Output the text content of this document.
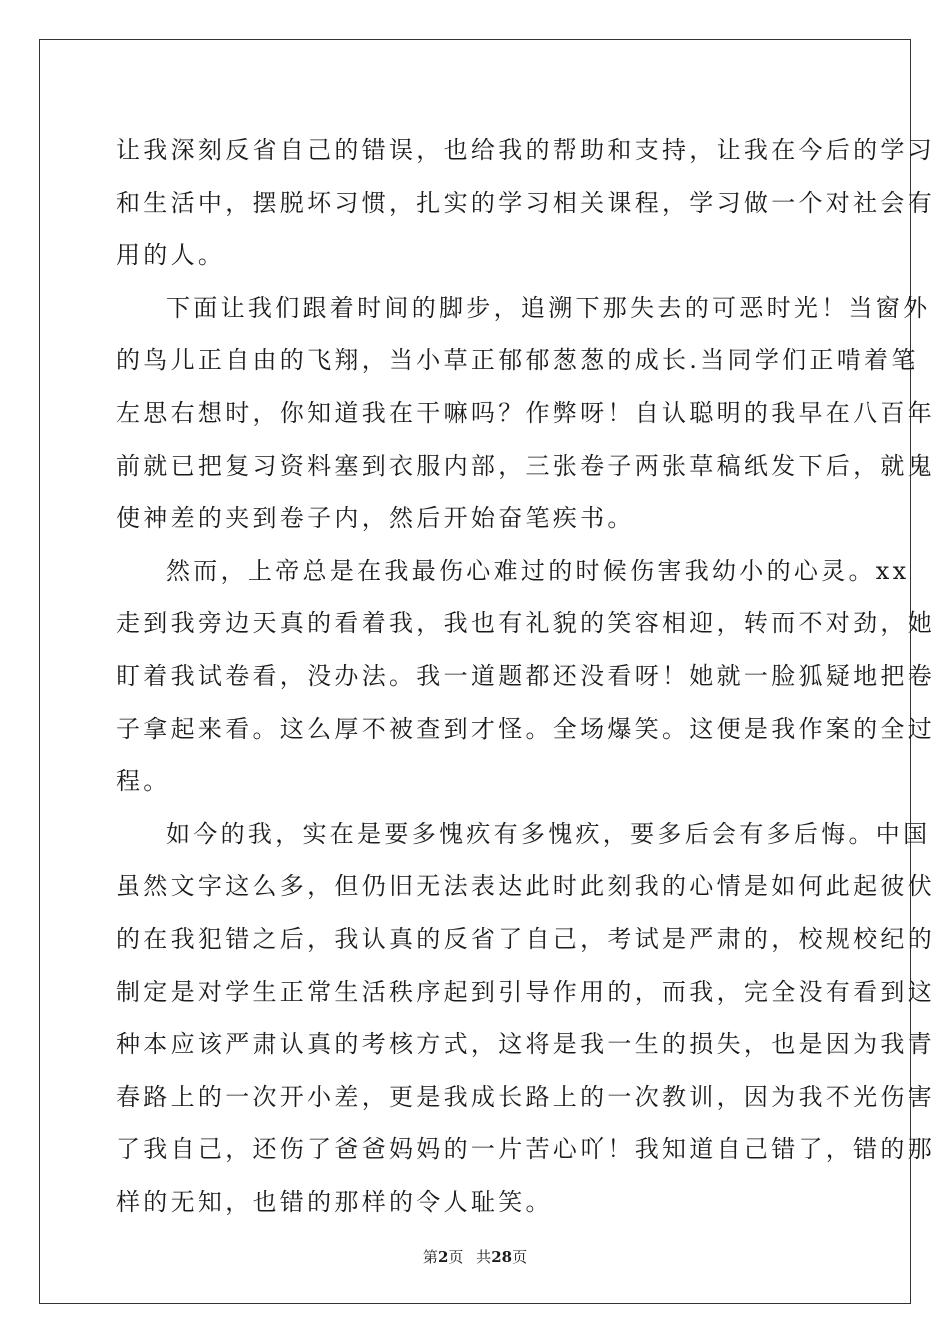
让我深刻反省自己的错误，也给我的帮助和支持，让我在今后的学习
和生活中，摆脱坏习惯，扎实的学习相关课程，学习做一个对社会有
用的人。
下面让我们跟着时间的脚步，追溯下那失去的可恶时光！当窗外
的鸟儿正自由的飞翔，当小草正郁郁葱葱的成长.当同学们正啃着笔
左思右想时，你知道我在干嘛吗？作弊呀！自认聪明的我早在八百年
前就已把复习资料塞到衣服内部，三张卷子两张草稿纸发下后，就鬼
使神差的夹到卷子内，然后开始奋笔疾书。
然而，上帝总是在我最伤心难过的时候伤害我幼小的心灵。xx
走到我旁边天真的看着我，我也有礼貌的笑容相迎，转而不对劲，她
盯着我试卷看，没办法。我一道题都还没看呀！她就一脸狐疑地把卷
子拿起来看。这么厚不被查到才怪。全场爆笑。这便是我作案的全过
程。
如今的我，实在是要多愧疚有多愧疚，要多后会有多后悔。中国
虽然文字这么多，但仍旧无法表达此时此刻我的心情是如何此起彼伏
的在我犯错之后，我认真的反省了自己，考试是严肃的，校规校纪的
制定是对学生正常生活秩序起到引导作用的，而我，完全没有看到这
种本应该严肃认真的考核方式，这将是我一生的损失，也是因为我青
春路上的一次开小差，更是我成长路上的一次教训，因为我不光伤害
了我自己，还伤了爸爸妈妈的一片苦心吖！我知道自己错了，错的那
样的无知，也错的那样的令人耻笑。
第2页 共28页
